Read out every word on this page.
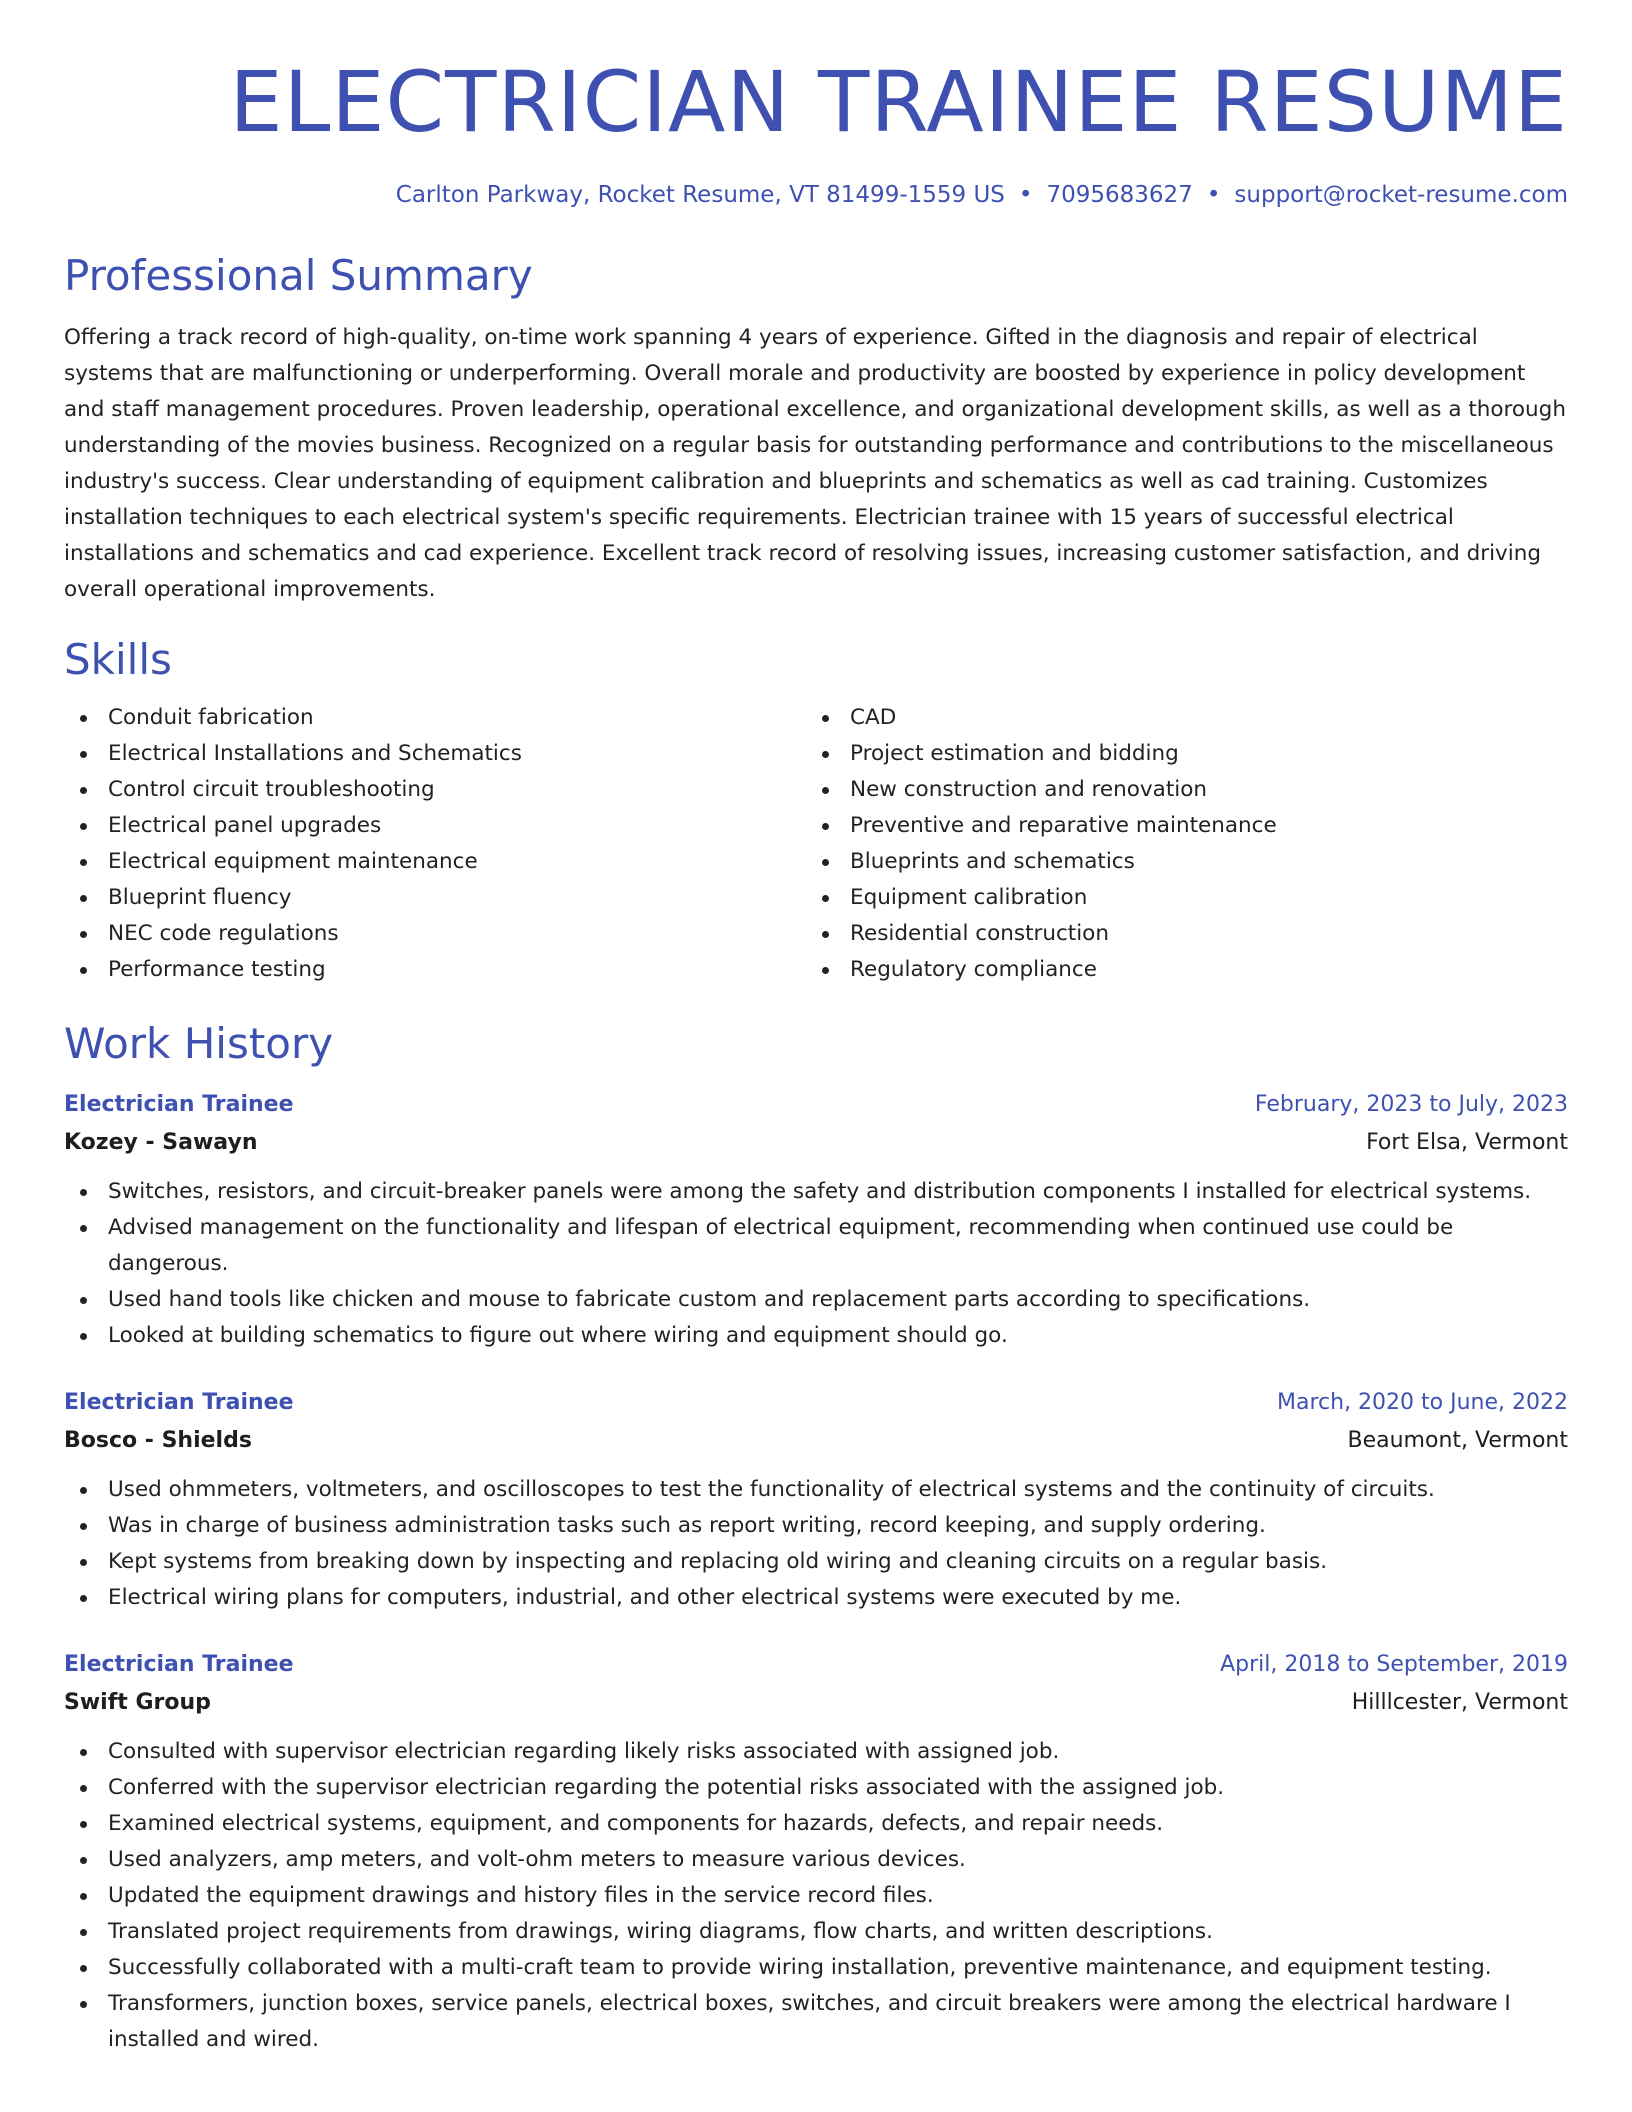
ELECTRICIAN TRAINEE RESUME
Carlton Parkway, Rocket Resume, VT 81499-1559 US • 7095683627 • support@rocket-resume.com
Professional Summary
Offering a track record of high-quality, on-time work spanning 4 years of experience. Gifted in the diagnosis and repair of electrical systems that are malfunctioning or underperforming. Overall morale and productivity are boosted by experience in policy development and staff management procedures. Proven leadership, operational excellence, and organizational development skills, as well as a thorough understanding of the movies business. Recognized on a regular basis for outstanding performance and contributions to the miscellaneous industry's success. Clear understanding of equipment calibration and blueprints and schematics as well as cad training. Customizes installation techniques to each electrical system's specific requirements. Electrician trainee with 15 years of successful electrical installations and schematics and cad experience. Excellent track record of resolving issues, increasing customer satisfaction, and driving overall operational improvements.
Skills
Conduit fabrication
Electrical Installations and Schematics
Control circuit troubleshooting
Electrical panel upgrades
Electrical equipment maintenance
Blueprint fluency
NEC code regulations
Performance testing
CAD
Project estimation and bidding
New construction and renovation
Preventive and reparative maintenance
Blueprints and schematics
Equipment calibration
Residential construction
Regulatory compliance
Work History
Electrician Trainee	February, 2023 to July, 2023
Kozey - Sawayn	Fort Elsa, Vermont
Switches, resistors, and circuit-breaker panels were among the safety and distribution components I installed for electrical systems.
Advised management on the functionality and lifespan of electrical equipment, recommending when continued use could be dangerous.
Used hand tools like chicken and mouse to fabricate custom and replacement parts according to specifications.
Looked at building schematics to figure out where wiring and equipment should go.
Electrician Trainee	March, 2020 to June, 2022
Bosco - Shields	Beaumont, Vermont
Used ohmmeters, voltmeters, and oscilloscopes to test the functionality of electrical systems and the continuity of circuits.
Was in charge of business administration tasks such as report writing, record keeping, and supply ordering.
Kept systems from breaking down by inspecting and replacing old wiring and cleaning circuits on a regular basis.
Electrical wiring plans for computers, industrial, and other electrical systems were executed by me.
Electrician Trainee	April, 2018 to September, 2019
Swift Group	Hilllcester, Vermont
Consulted with supervisor electrician regarding likely risks associated with assigned job.
Conferred with the supervisor electrician regarding the potential risks associated with the assigned job.
Examined electrical systems, equipment, and components for hazards, defects, and repair needs.
Used analyzers, amp meters, and volt-ohm meters to measure various devices.
Updated the equipment drawings and history files in the service record files.
Translated project requirements from drawings, wiring diagrams, flow charts, and written descriptions.
Successfully collaborated with a multi-craft team to provide wiring installation, preventive maintenance, and equipment testing.
Transformers, junction boxes, service panels, electrical boxes, switches, and circuit breakers were among the electrical hardware I installed and wired.
